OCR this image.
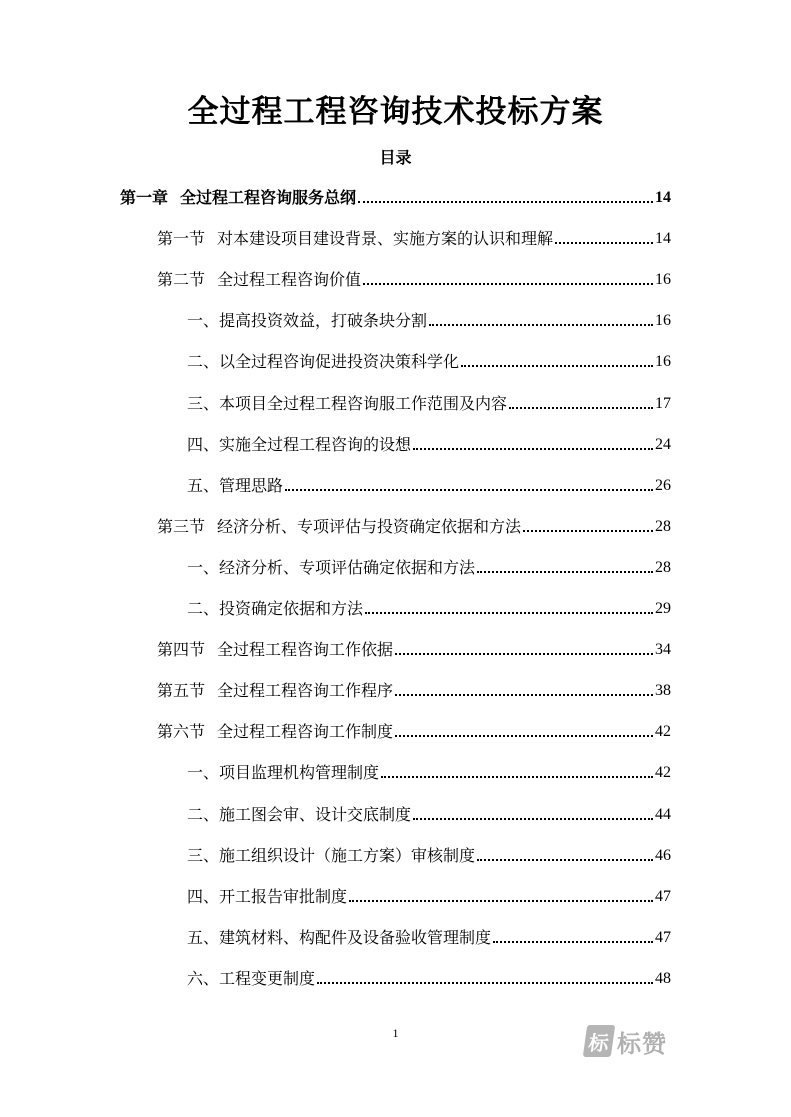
全过程工程咨询技术投标方案
目录
第一章 全过程工程咨询服务总纲	14
第一节 对本建设项目建设背景、实施方案的认识和理解	14
第二节 全过程工程咨询价值	16
一、 提高投资效益，打破条块分割	16
二、 以全过程咨询促进投资决策科学化	16
三、 本项目全过程工程咨询服工作范围及内容	17
四、 实施全过程工程咨询的设想	24
五、 管理思路	26
第三节 经济分析、专项评估与投资确定依据和方法	28
一、 经济分析、专项评估确定依据和方法	28
二、 投资确定依据和方法	29
第四节 全过程工程咨询工作依据	34
第五节 全过程工程咨询工作程序	38
第六节 全过程工程咨询工作制度	42
一、 项目监理机构管理制度	42
二、 施工图会审、设计交底制度	44
三、 施工组织设计（施工方案）审核制度	46
四、 开工报告审批制度	47
五、 建筑材料、构配件及设备验收管理制度	47
六、 工程变更制度	48
1	标 标赞
